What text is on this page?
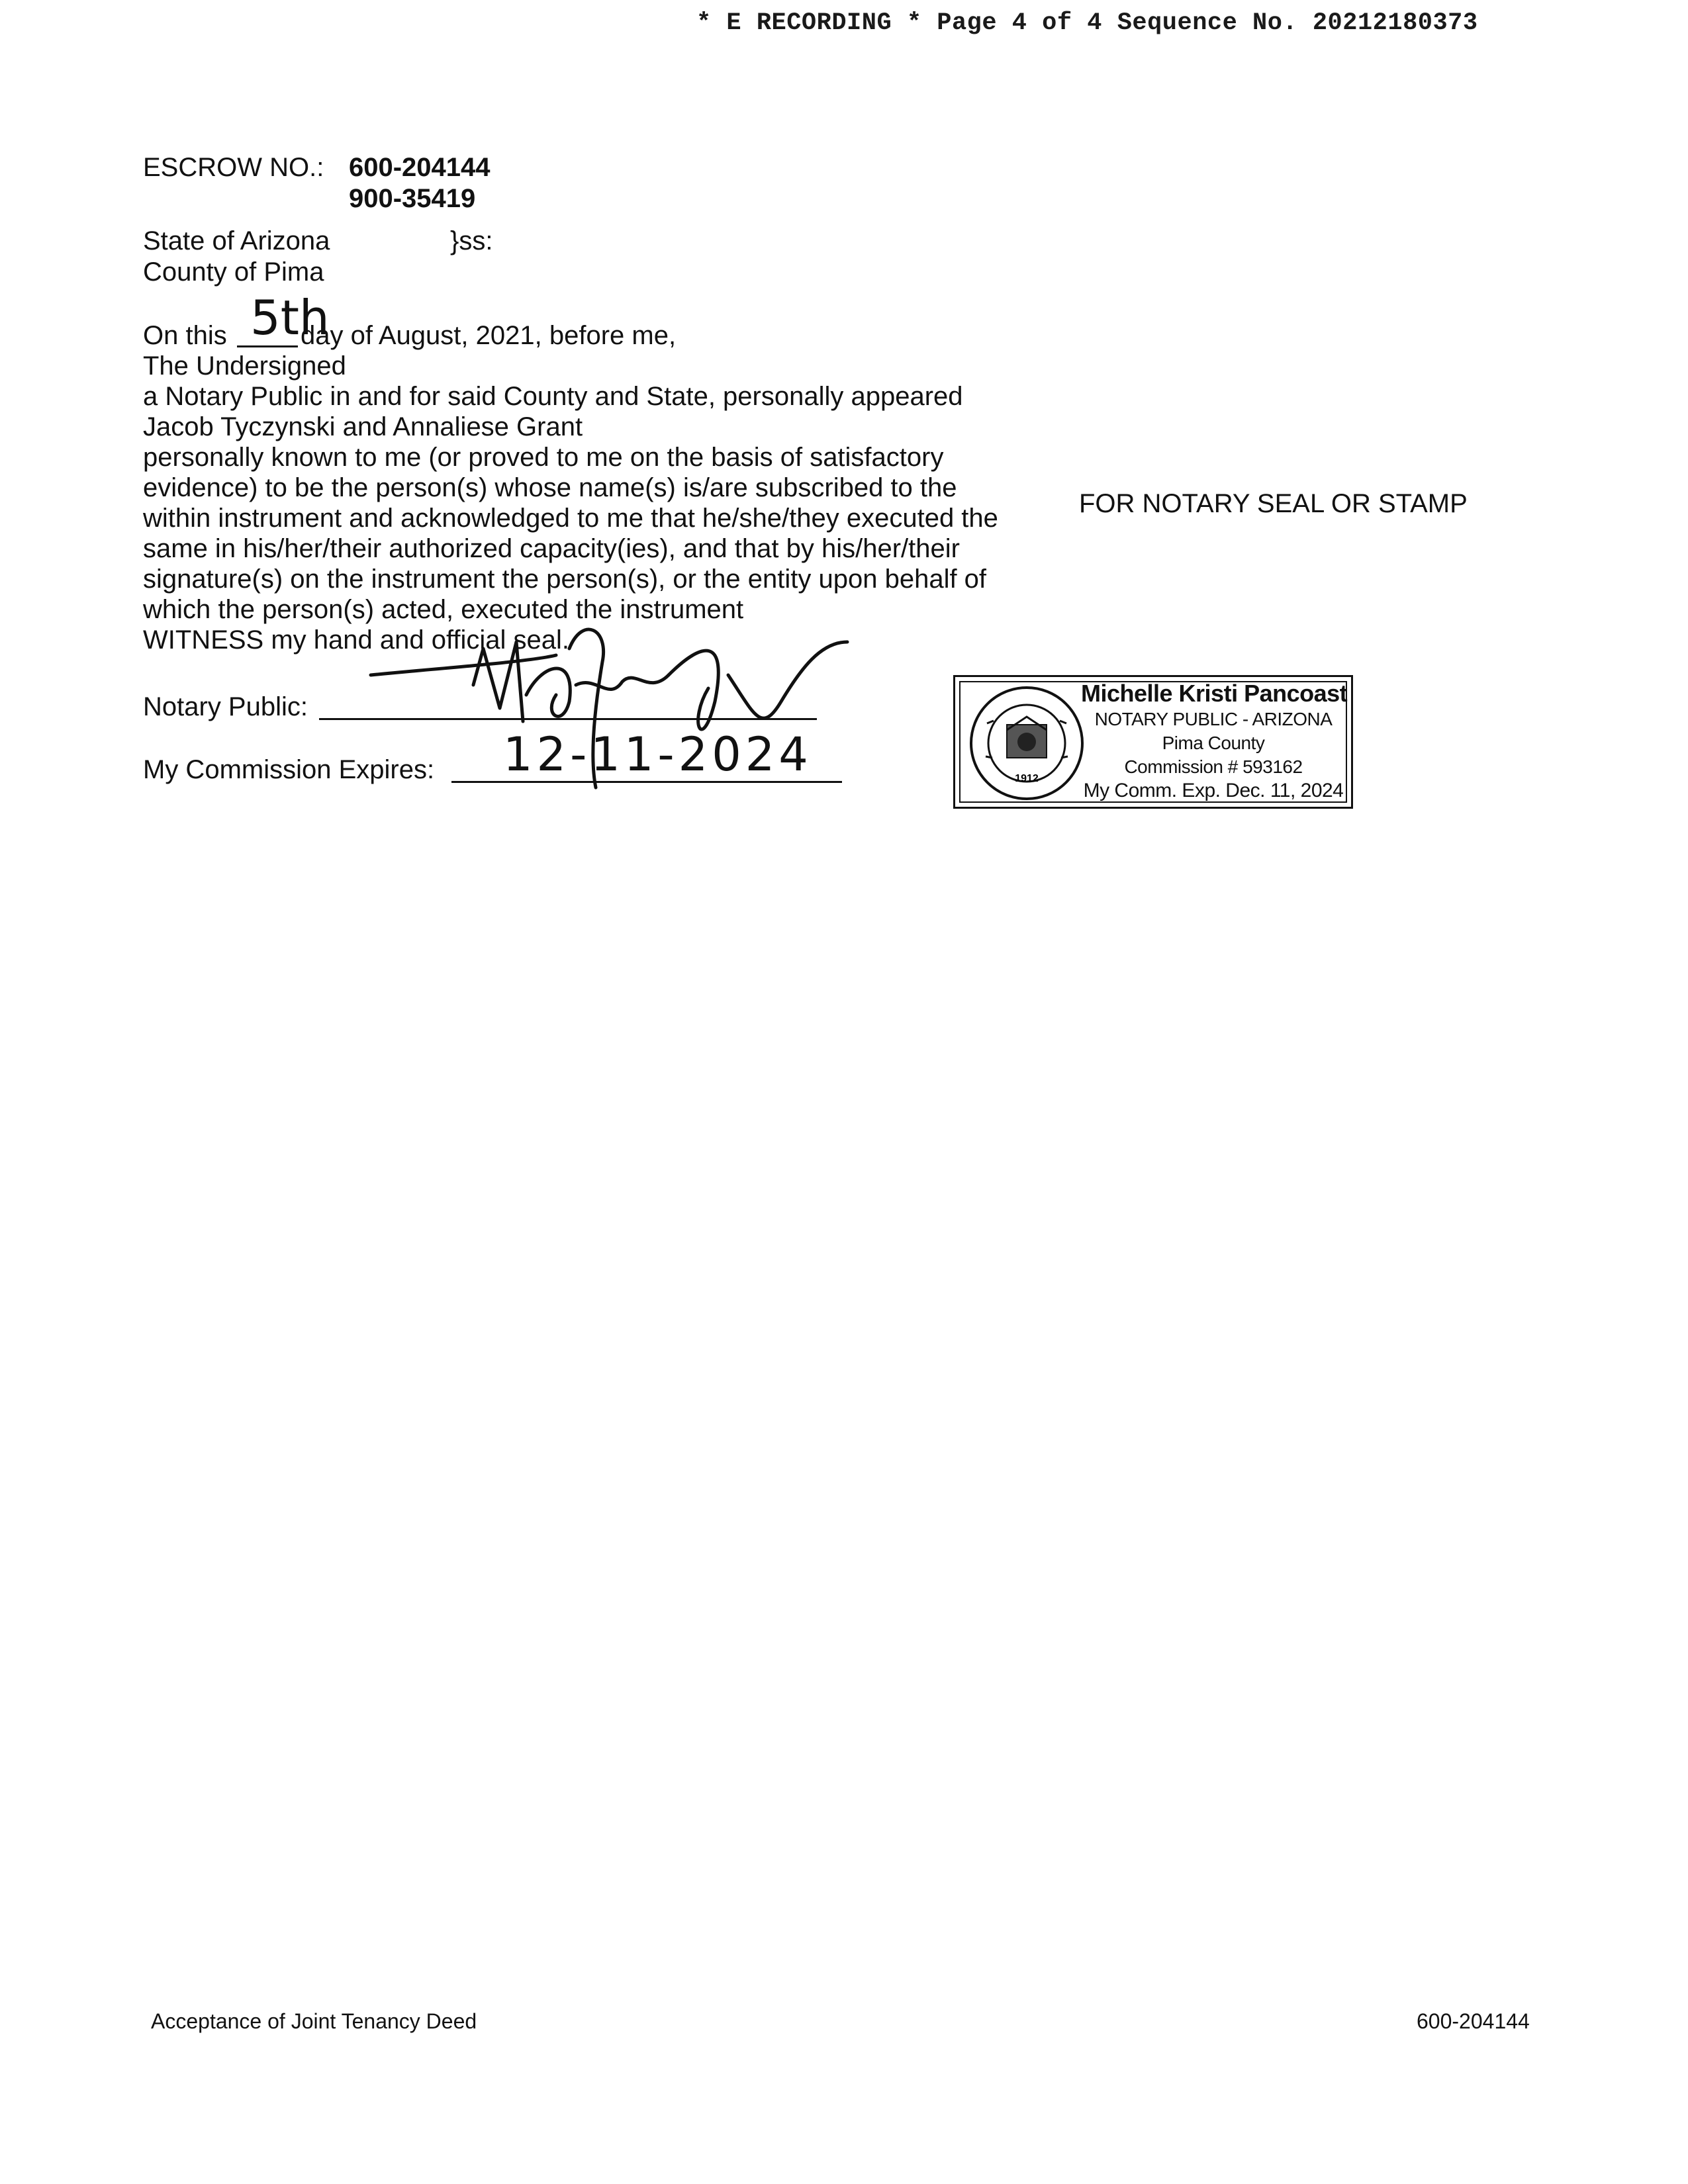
* E RECORDING * Page 4 of 4 Sequence No. 20212180373
ESCROW NO.: 600-204144
900-35419
State of Arizona	}ss:
County of Pima
On this 5th
day of August, 2021, before me,
The Undersigned
a Notary Public in and for said County and State, personally appeared
Jacob Tyczynski and Annaliese Grant
personally known to me (or proved to me on the basis of satisfactory
evidence) to be the person(s) whose name(s) is/are subscribed to the
within instrument and acknowledged to me that he/she/they executed the
same in his/her/their authorized capacity(ies), and that by his/her/their
signature(s) on the instrument the person(s), or the entity upon behalf of
which the person(s) acted, executed the instrument
WITNESS my hand and official seal.
FOR NOTARY SEAL OR STAMP
Notary Public:
My Commission Expires: 12-11-2024	1912
Michelle Kristi Pancoast
NOTARY PUBLIC - ARIZONA
Pima County
Commission # 593162
My Comm. Exp. Dec. 11, 2024
Acceptance of Joint Tenancy Deed	600-204144
